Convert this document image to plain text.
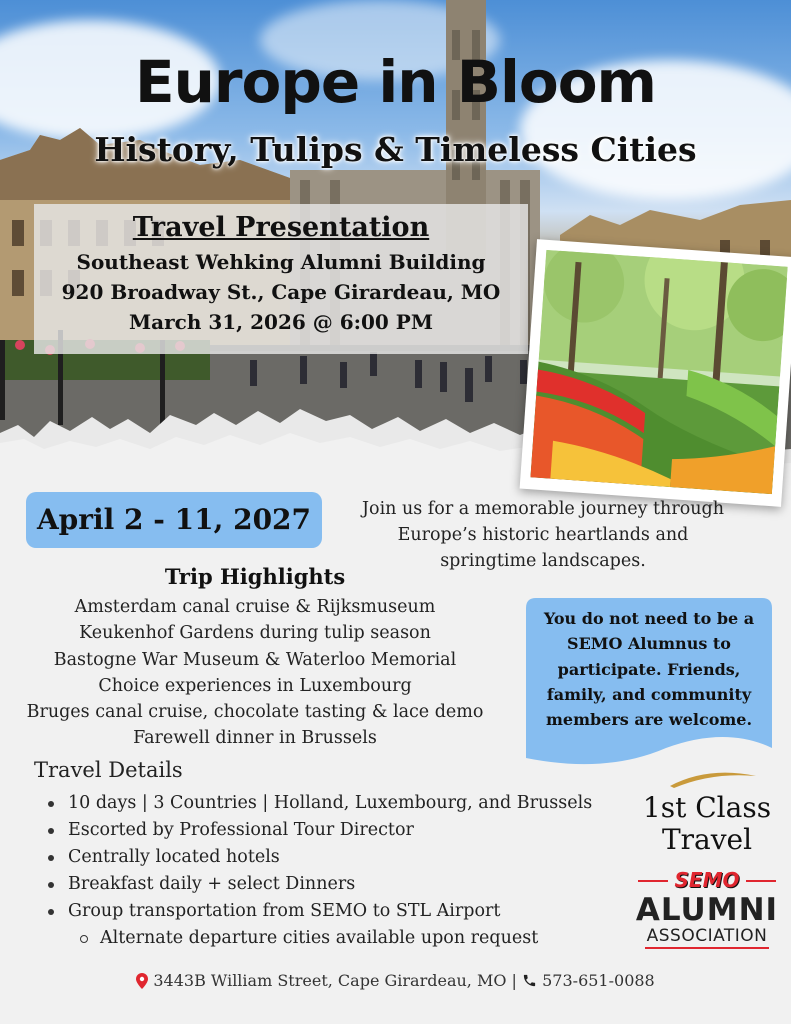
Europe in Bloom
History, Tulips & Timeless Cities
Travel Presentation
Southeast Wehking Alumni Building
920 Broadway St., Cape Girardeau, MO
March 31, 2026 @ 6:00 PM
April 2 - 11, 2027	Join us for a memorable journey through Europe’s historic heartlands and springtime landscapes.
Trip Highlights
Amsterdam canal cruise & Rijksmuseum
Keukenhof Gardens during tulip season
Bastogne War Museum & Waterloo Memorial
Choice experiences in Luxembourg
Bruges canal cruise, chocolate tasting & lace demo
Farewell dinner in Brussels
You do not need to be a SEMO Alumnus to participate. Friends, family, and community members are welcome.
Travel Details
10 days | 3 Countries | Holland, Luxembourg, and Brussels
Escorted by Professional Tour Director
Centrally located hotels
Breakfast daily + select Dinners
Group transportation from SEMO to STL Airport
Alternate departure cities available upon request
1st Class
Travel
SEMO
ALUMNI
ASSOCIATION
3443B William Street, Cape Girardeau, MO | 573-651-0088
